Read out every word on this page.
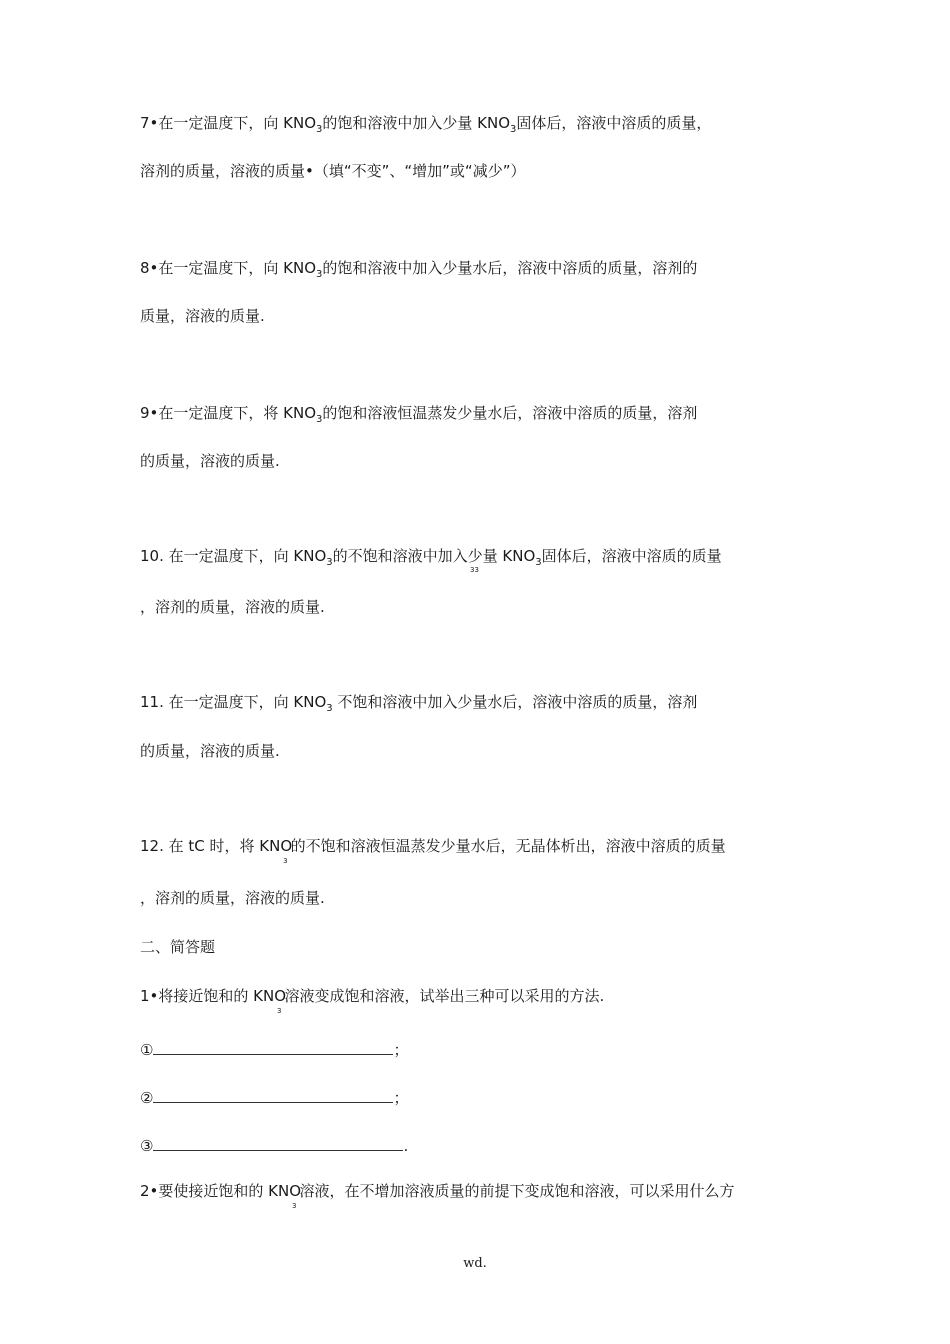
7•在一定温度下，向 $KNO_3$的饱和溶液中加入少量 $KNO_3$固体后，溶液中溶质的质量，
溶剂的质量，溶液的质量•（填“不变”、“增加”或“减少”）
8•在一定温度下，向 $KNO_3$的饱和溶液中加入少量水后，溶液中溶质的质量，溶剂的
质量，溶液的质量.
9•在一定温度下，将 $KNO_3$的饱和溶液恒温蒸发少量水后，溶液中溶质的质量，溶剂
的质量，溶液的质量.
10. 在一定温度下，向 $KNO_3$的不饱和溶液中加入少量 $KNO_3$固体后，溶液中溶质的质量
33
，溶剂的质量，溶液的质量.
11. 在一定温度下，向 $KNO_3$ 不饱和溶液中加入少量水后，溶液中溶质的质量，溶剂
的质量，溶液的质量.
12. 在 tC 时，将 $KNO_3$的不饱和溶液恒温蒸发少量水后，无晶体析出，溶液中溶质的质量
，溶剂的质量，溶液的质量.
二、简答题
1•将接近饱和的 $KNO_3$溶液变成饱和溶液，试举出三种可以采用的方法.
①	；
②	；
③	.
2•要使接近饱和的 $KNO_3$溶液，在不增加溶液质量的前提下变成饱和溶液，可以采用什么方
wd.
